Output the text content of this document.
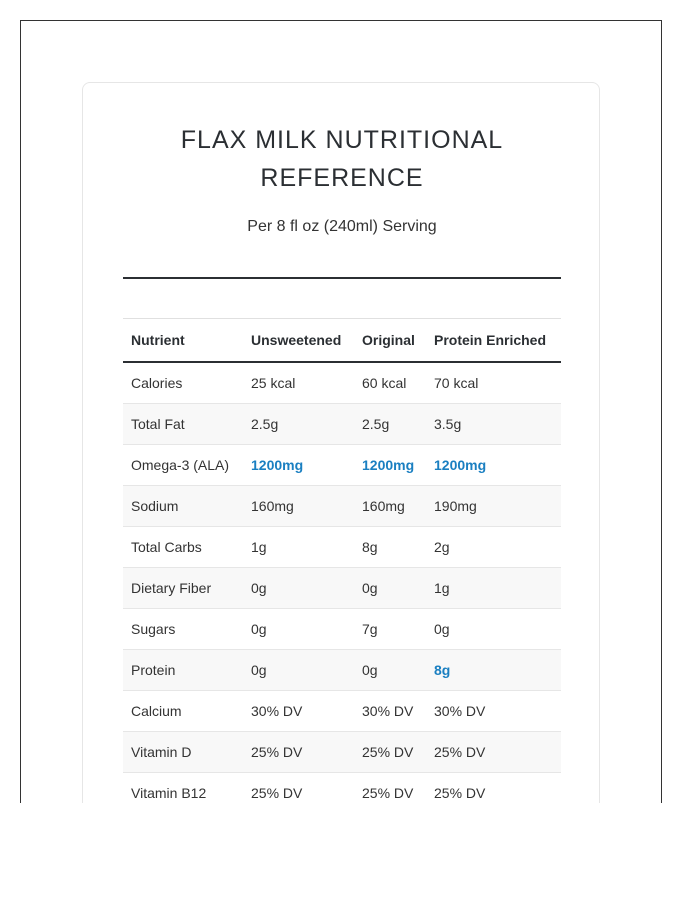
FLAX MILK NUTRITIONAL
REFERENCE

Per 8 fl oz (240ml) Serving

Nutrient	Unsweetened	Original	Protein Enriched
Calories	25 kcal	60 kcal	70 kcal
Total Fat	2.5g	2.5g	3.5g
Omega-3 (ALA)	1200mg	1200mg	1200mg
Sodium	160mg	160mg	190mg
Total Carbs	1g	8g	2g
Dietary Fiber	0g	0g	1g
Sugars	0g	7g	0g
Protein	0g	0g	8g
Calcium	30% DV	30% DV	30% DV
Vitamin D	25% DV	25% DV	25% DV
Vitamin B12	25% DV	25% DV	25% DV
